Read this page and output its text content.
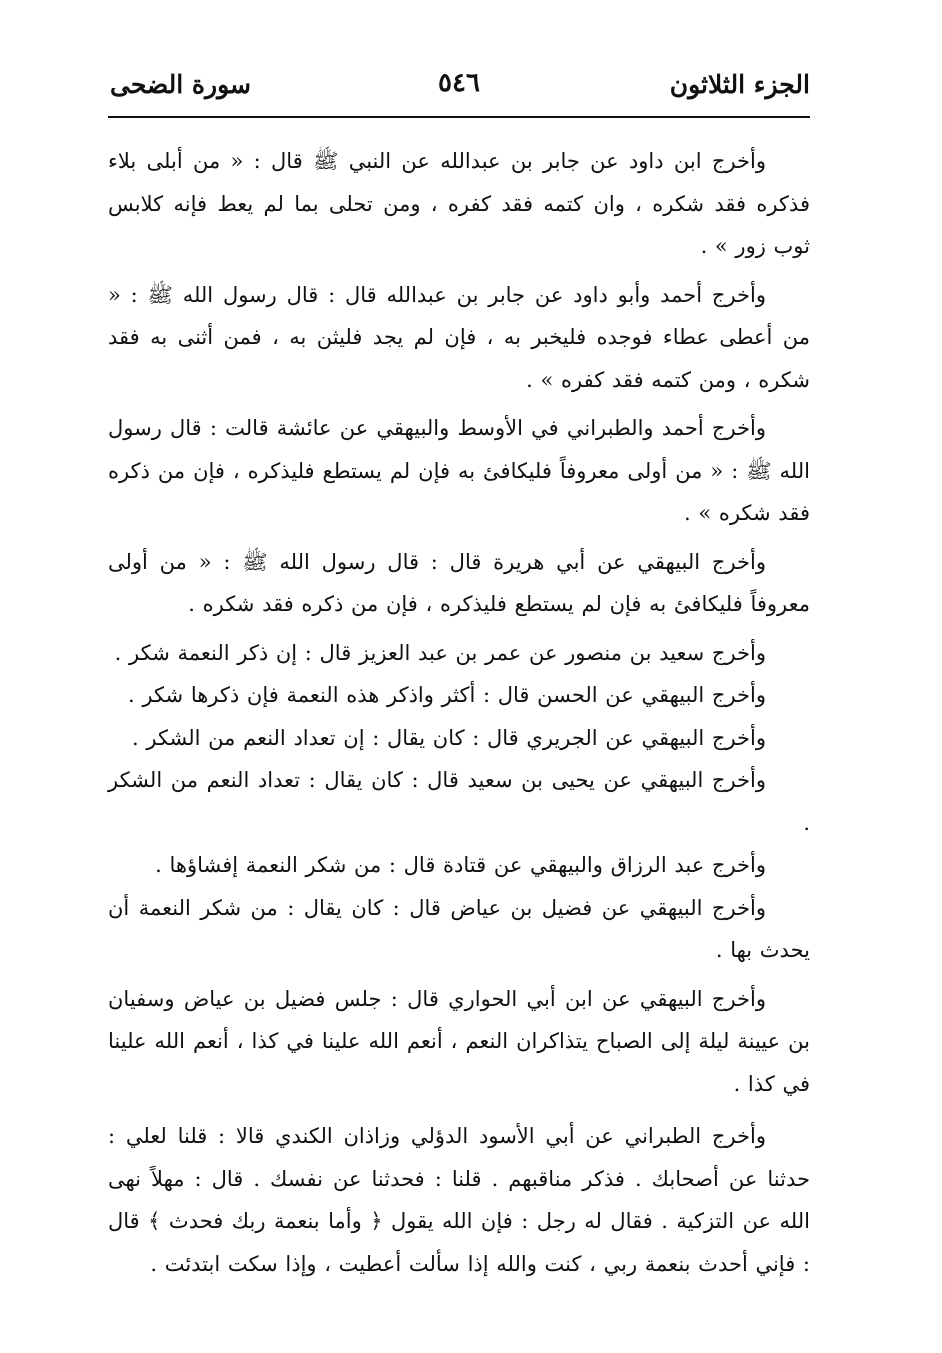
الجزء الثلاثون
٥٤٦
سورة الضحى

وأخرج ابن داود عن جابر بن عبدالله عن النبي ﷺ قال : « من أبلى بلاء فذكره فقد شكره ، وان كتمه فقد كفره ، ومن تحلى بما لم يعط فإنه كلابس ثوب زور » .

وأخرج أحمد وأبو داود عن جابر بن عبدالله قال : قال رسول الله ﷺ : « من أعطى عطاء فوجده فليخبر به ، فإن لم يجد فليثن به ، فمن أثنى به فقد شكره ، ومن كتمه فقد كفره » .

وأخرج أحمد والطبراني في الأوسط والبيهقي عن عائشة قالت : قال رسول الله ﷺ : « من أولى معروفاً فليكافئ به فإن لم يستطع فليذكره ، فإن من ذكره فقد شكره » .

وأخرج البيهقي عن أبي هريرة قال : قال رسول الله ﷺ : « من أولى معروفاً فليكافئ به فإن لم يستطع فليذكره ، فإن من ذكره فقد شكره .

وأخرج سعيد بن منصور عن عمر بن عبد العزيز قال : إن ذكر النعمة شكر .

وأخرج البيهقي عن الحسن قال : أكثر واذكر هذه النعمة فإن ذكرها شكر .

وأخرج البيهقي عن الجريري قال : كان يقال : إن تعداد النعم من الشكر .

وأخرج البيهقي عن يحيى بن سعيد قال : كان يقال : تعداد النعم من الشكر .

وأخرج عبد الرزاق والبيهقي عن قتادة قال : من شكر النعمة إفشاؤها .

وأخرج البيهقي عن فضيل بن عياض قال : كان يقال : من شكر النعمة أن يحدث بها .

وأخرج البيهقي عن ابن أبي الحواري قال : جلس فضيل بن عياض وسفيان بن عيينة ليلة إلى الصباح يتذاكران النعم ، أنعم الله علينا في كذا ، أنعم الله علينا في كذا .

وأخرج الطبراني عن أبي الأسود الدؤلي وزاذان الكندي قالا : قلنا لعلي : حدثنا عن أصحابك . فذكر مناقبهم . قلنا : فحدثنا عن نفسك . قال : مهلاً نهى الله عن التزكية . فقال له رجل : فإن الله يقول ﴿ وأما بنعمة ربك فحدث ﴾ قال : فإني أحدث بنعمة ربي ، كنت والله إذا سألت أعطيت ، وإذا سكت ابتدئت .
